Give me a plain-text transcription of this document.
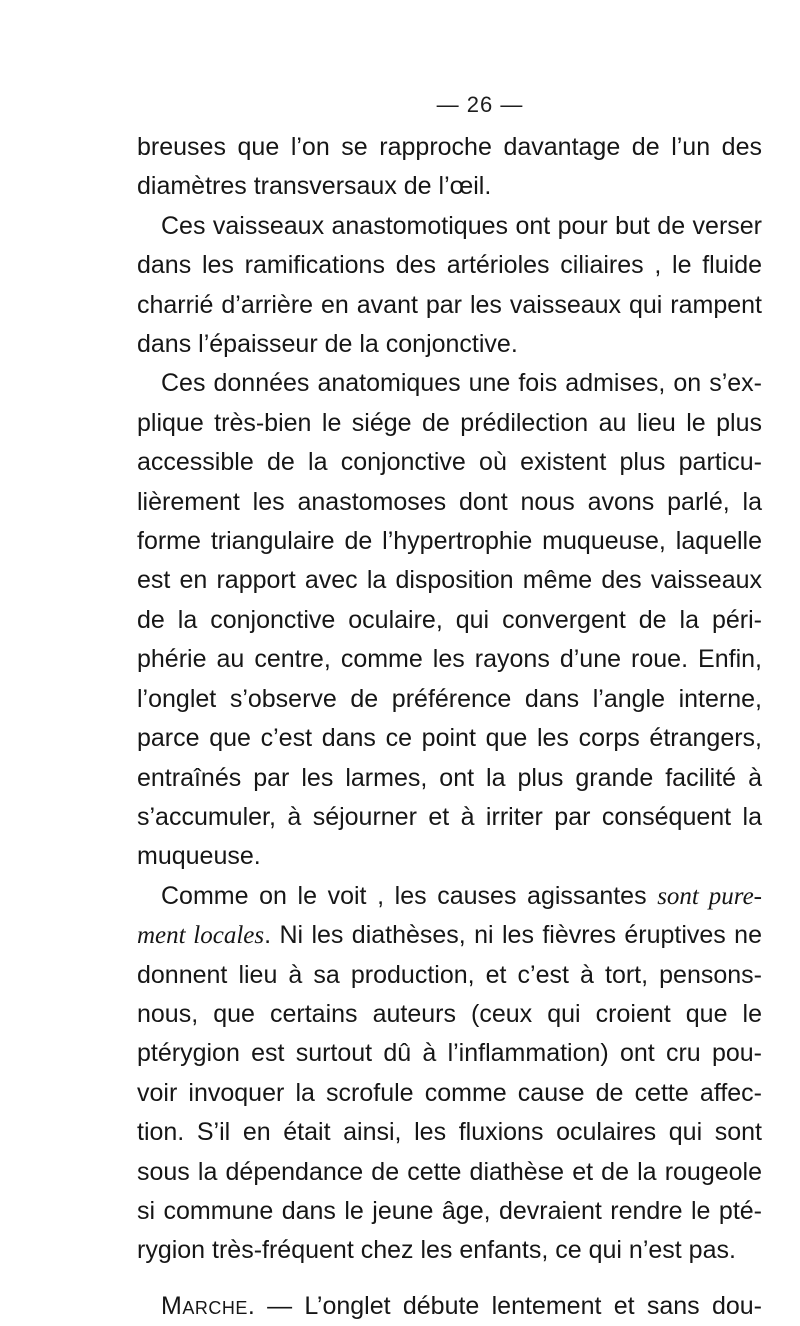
— 26 —
breuses que l’on se rapproche davantage de l’un des
diamètres transversaux de l’œil.
Ces vaisseaux anastomotiques ont pour but de verser
dans les ramifications des artérioles ciliaires , le fluide
charrié d’arrière en avant par les vaisseaux qui rampent
dans l’épaisseur de la conjonctive.
Ces données anatomiques une fois admises, on s’ex-
plique très-bien le siége de prédilection au lieu le plus
accessible de la conjonctive où existent plus particu-
lièrement les anastomoses dont nous avons parlé, la
forme triangulaire de l’hypertrophie muqueuse, laquelle
est en rapport avec la disposition même des vaisseaux
de la conjonctive oculaire, qui convergent de la péri-
phérie au centre, comme les rayons d’une roue. Enfin,
l’onglet s’observe de préférence dans l’angle interne,
parce que c’est dans ce point que les corps étrangers,
entraînés par les larmes, ont la plus grande facilité à
s’accumuler, à séjourner et à irriter par conséquent la
muqueuse.
Comme on le voit , les causes agissantes sont pure-
ment locales. Ni les diathèses, ni les fièvres éruptives ne
donnent lieu à sa production, et c’est à tort, pensons-
nous, que certains auteurs (ceux qui croient que le
ptérygion est surtout dû à l’inflammation) ont cru pou-
voir invoquer la scrofule comme cause de cette affec-
tion. S’il en était ainsi, les fluxions oculaires qui sont
sous la dépendance de cette diathèse et de la rougeole
si commune dans le jeune âge, devraient rendre le pté-
rygion très-fréquent chez les enfants, ce qui n’est pas.
Marche. — L’onglet débute lentement et sans dou-
